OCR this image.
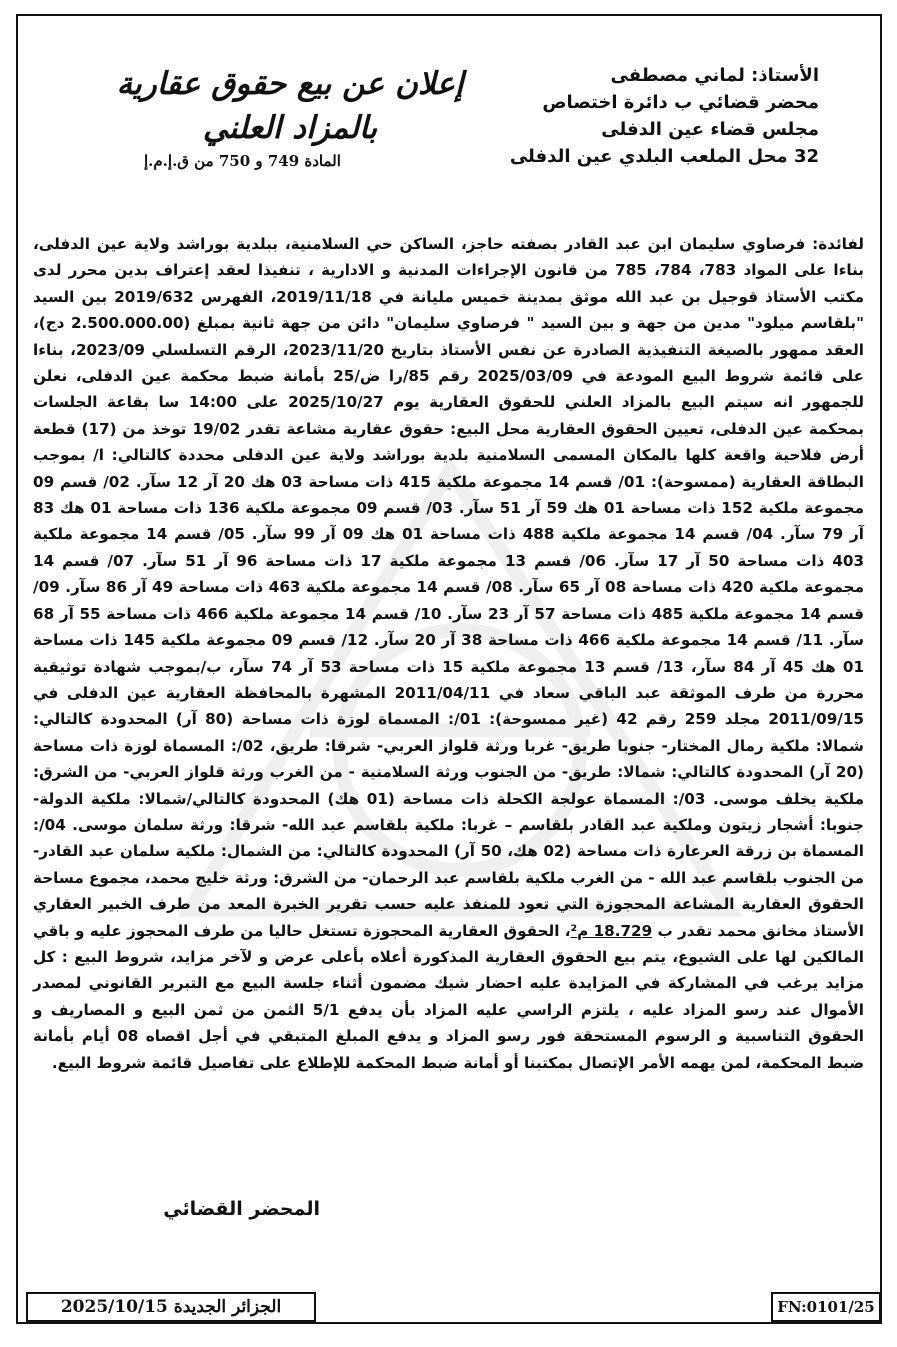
الأستاذ: لماني مصطفى
محضر قضائي ب دائرة اختصاص
مجلس قضاء عين الدفلى
32 محل الملعب البلدي عين الدفلى
إعلان عن بيع حقوق عقارية
بالمزاد العلني
المادة 749 و 750 من ق.إ.م.إ
لفائدة: فرصاوي سليمان ابن عبد القادر بصفته حاجز، الساكن حي السلامنية، ببلدية بوراشد ولاية عين الدفلى، بناءا على المواد 783، 784، 785 من قانون الإجراءات المدنية و الادارية ، تنفيذا لعقد إعتراف بدين محرر لدى مكتب الأستاذ قوجيل بن عبد الله موثق بمدينة خميس مليانة في 2019/11/18، الفهرس 2019/632 بين السيد "بلقاسم ميلود" مدين من جهة و بين السيد " فرصاوي سليمان" دائن من جهة ثانية بمبلغ (2.500.000.00 دج)، العقد ممهور بالصيغة التنفيذية الصادرة عن نفس الأستاذ بتاريخ 2023/11/20، الرقم التسلسلي 2023/09، بناءا على قائمة شروط البيع المودعة في 2025/03/09 رقم 85/را ض/25 بأمانة ضبط محكمة عين الدفلى، نعلن للجمهور انه سيتم البيع بالمزاد العلني للحقوق العقارية يوم 2025/10/27 على 14:00 سا بقاعة الجلسات بمحكمة عين الدفلى، تعيين الحقوق العقارية محل البيع: حقوق عقارية مشاعة تقدر 19/02 توخذ من (17) قطعة أرض فلاحية واقعة كلها بالمكان المسمى السلامنية بلدية بوراشد ولاية عين الدفلى محددة كالتالي: ا/ بموجب البطاقة العقارية (ممسوحة): 01/ قسم 14 مجموعة ملكية 415 ذات مساحة 03 هك 20 آر 12 سآر. 02/ قسم 09 مجموعة ملكية 152 ذات مساحة 01 هك 59 آر 51 سآر. 03/ قسم 09 مجموعة ملكية 136 ذات مساحة 01 هك 83 آر 79 سآر. 04/ قسم 14 مجموعة ملكية 488 ذات مساحة 01 هك 09 آر 99 سآر. 05/ قسم 14 مجموعة ملكية 403 ذات مساحة 50 آر 17 سآر. 06/ قسم 13 مجموعة ملكية 17 ذات مساحة 96 آر 51 سآر. 07/ قسم 14 مجموعة ملكية 420 ذات مساحة 08 آر 65 سآر. 08/ قسم 14 مجموعة ملكية 463 ذات مساحة 49 آر 86 سآر. 09/ قسم 14 مجموعة ملكية 485 ذات مساحة 57 آر 23 سآر. 10/ قسم 14 مجموعة ملكية 466 ذات مساحة 55 آر 68 سآر. 11/ قسم 14 مجموعة ملكية 466 ذات مساحة 38 آر 20 سآر. 12/ قسم 09 مجموعة ملكية 145 ذات مساحة 01 هك 45 آر 84 سآر، 13/ قسم 13 مجموعة ملكية 15 ذات مساحة 53 آر 74 سآر، ب/بموجب شهادة توثيقية محررة من طرف الموثقة عبد الباقي سعاد في 2011/04/11 المشهرة بالمحافظة العقارية عين الدفلى في 2011/09/15 مجلد 259 رقم 42 (غير ممسوحة): 01/: المسماة لوزة ذات مساحة (80 آر) المحدودة كالتالي: شمالا: ملكية رمال المختار- جنوبا طريق- غربا ورثة قلواز العربي- شرقا: طريق، 02/: المسماة لوزة ذات مساحة (20 آر) المحدودة كالتالي: شمالا: طريق- من الجنوب ورثة السلامنية - من الغرب ورثة قلواز العربي- من الشرق: ملكية يخلف موسى. 03/: المسماة عولجة الكحلة ذات مساحة (01 هك) المحدودة كالتالي/شمالا: ملكية الدولة- جنوبا: أشجار زيتون وملكية عبد القادر بلقاسم – غربا: ملكية بلقاسم عبد الله- شرقا: ورثة سلمان موسى. 04/: المسماة بن زرقة العرعارة ذات مساحة (02 هك، 50 آر) المحدودة كالتالي: من الشمال: ملكية سلمان عبد القادر- من الجنوب بلقاسم عبد الله - من الغرب ملكية بلقاسم عبد الرحمان- من الشرق: ورثة خليج محمد، مجموع مساحة الحقوق العقارية المشاعة المحجوزة التي تعود للمنفذ عليه حسب تقرير الخبرة المعد من طرف الخبير العقاري الأستاذ مخانق محمد تقدر ب 18.729 م²، الحقوق العقارية المحجوزة تستغل حاليا من طرف المحجوز عليه و باقي المالكين لها على الشيوع، يتم بيع الحقوق العقارية المذكورة أعلاه بأعلى عرض و لآخر مزايد، شروط البيع : كل مزايد يرغب في المشاركة في المزايدة عليه احضار شيك مضمون أثناء جلسة البيع مع التبرير القانوني لمصدر الأموال عند رسو المزاد عليه ، يلتزم الراسي عليه المزاد بأن يدفع 5/1 الثمن من ثمن البيع و المصاريف و الحقوق التناسبية و الرسوم المستحقة فور رسو المزاد و يدفع المبلغ المتبقي في أجل اقصاه 08 أيام بأمانة ضبط المحكمة، لمن يهمه الأمر الإتصال بمكتبنا أو أمانة ضبط المحكمة للإطلاع على تفاصيل قائمة شروط البيع.
المحضر القضائي
الجزائر الجديدة 2025/10/15	FN:0101/25
